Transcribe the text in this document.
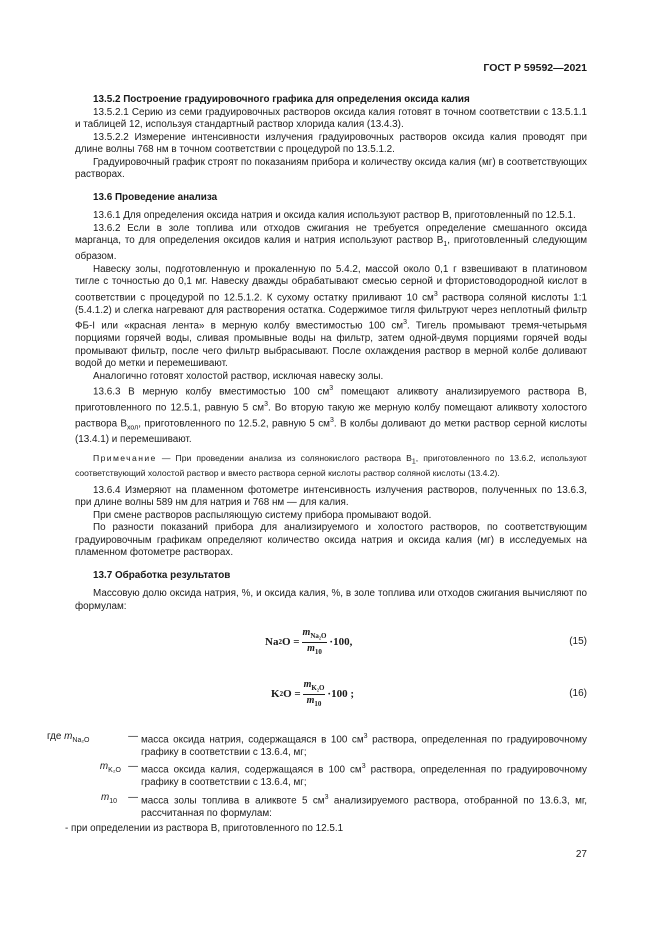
ГОСТ Р 59592—2021

13.5.2 Построение градуировочного графика для определения оксида калия

13.5.2.1 Серию из семи градуировочных растворов оксида калия готовят в точном соответствии с 13.5.1.1 и таблицей 12, используя стандартный раствор хлорида калия (13.4.3).

13.5.2.2 Измерение интенсивности излучения градуировочных растворов оксида калия проводят при длине волны 768 нм в точном соответствии с процедурой по 13.5.1.2.

Градуировочный график строят по показаниям прибора и количеству оксида калия (мг) в соответствующих растворах.

13.6 Проведение анализа

13.6.1 Для определения оксида натрия и оксида калия используют раствор В, приготовленный по 12.5.1.

13.6.2 Если в золе топлива или отходов сжигания не требуется определение смешанного оксида марганца, то для определения оксидов калия и натрия используют раствор $В_1$, приготовленный следующим образом.

Навеску золы, подготовленную и прокаленную по 5.4.2, массой около 0,1 г взвешивают в платиновом тигле с точностью до 0,1 мг. Навеску дважды обрабатывают смесью серной и фтористоводородной кислот в соответствии с процедурой по 12.5.1.2. К сухому остатку приливают 10 $см^3$ раствора соляной кислоты 1:1 (5.4.1.2) и слегка нагревают для растворения остатка. Содержимое тигля фильтруют через неплотный фильтр ФБ-I или «красная лента» в мерную колбу вместимостью 100 $см^3$. Тигель промывают тремя-четырьмя порциями горячей воды, сливая промывные воды на фильтр, затем одной-двумя порциями горячей воды промывают фильтр, после чего фильтр выбрасывают. После охлаждения раствор в мерной колбе доливают водой до метки и перемешивают.

Аналогично готовят холостой раствор, исключая навеску золы.

13.6.3 В мерную колбу вместимостью 100 $см^3$ помещают аликвоту анализируемого раствора В, приготовленного по 12.5.1, равную 5 $см^3$. Во вторую такую же мерную колбу помещают аликвоту холостого раствора $В_{хол}$, приготовленного по 12.5.2, равную 5 $см^3$. В колбы доливают до метки раствор серной кислоты (13.4.1) и перемешивают.

Примечание — При проведении анализа из солянокислого раствора $В_1$, приготовленного по 13.6.2, используют соответствующий холостой раствор и вместо раствора серной кислоты раствор соляной кислоты (13.4.2).

13.6.4 Измеряют на пламенном фотометре интенсивность излучения растворов, полученных по 13.6.3, при длине волны 589 нм для натрия и 768 нм — для калия.

При смене растворов распыляющую систему прибора промывают водой.

По разности показаний прибора для анализируемого и холостого растворов, по соответствующим градуировочным графикам определяют количество оксида натрия и оксида калия (мг) в исследуемых на пламенном фотометре растворах.

13.7 Обработка результатов

Массовую долю оксида натрия, %, и оксида калия, %, в золе топлива или отходов сжигания вычисляют по формулам:

Na 2 $O = \frac{m_{Na_2O}}{m_{10}} \cdot 100$,	(15)
K 2 $O = \frac{m_{K_2O}}{m_{10}} \cdot 100$ ;	(16)
где $m_{Na_2O}$	— масса оксида натрия, содержащаяся в 100 $см^3$ раствора, определенная по градуировочному графику в соответствии с 13.6.4, мг;
$m_{K_2O}$ — масса оксида калия, содержащаяся в 100 $см^3$ раствора, определенная по градуировочному графику в соответствии с 13.6.4, мг;
$m_{10}$	— масса золы топлива в аликвоте 5 $см^3$ анализируемого раствора, отобранной по 13.6.3, мг, рассчитанная по формулам:

- при определении из раствора В, приготовленного по 12.5.1

27
